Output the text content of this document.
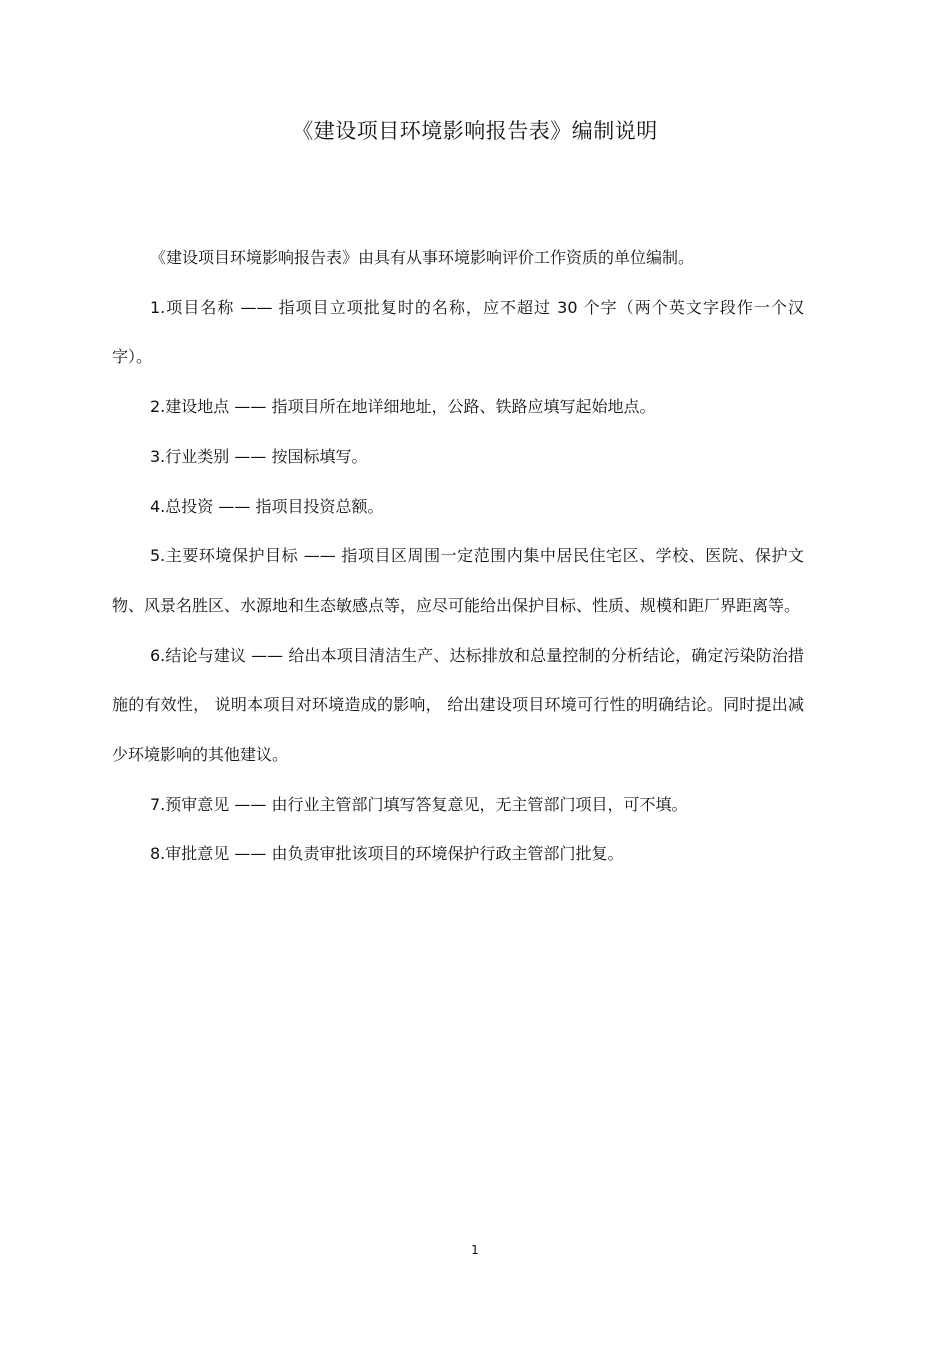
《建设项目环境影响报告表》编制说明

《建设项目环境影响报告表》由具有从事环境影响评价工作资质的单位编制。

1.项目名称 —— 指项目立项批复时的名称，应不超过 30 个字（两个英文字段作一个汉字）。

2.建设地点 —— 指项目所在地详细地址，公路、铁路应填写起始地点。

3.行业类别 —— 按国标填写。

4.总投资 —— 指项目投资总额。

5.主要环境保护目标 —— 指项目区周围一定范围内集中居民住宅区、学校、医院、保护文物、风景名胜区、水源地和生态敏感点等，应尽可能给出保护目标、性质、规模和距厂界距离等。

6.结论与建议 —— 给出本项目清洁生产、达标排放和总量控制的分析结论，确定污染防治措施的有效性， 说明本项目对环境造成的影响， 给出建设项目环境可行性的明确结论。同时提出减少环境影响的其他建议。

7.预审意见 —— 由行业主管部门填写答复意见，无主管部门项目，可不填。

8.审批意见 —— 由负责审批该项目的环境保护行政主管部门批复。

1
